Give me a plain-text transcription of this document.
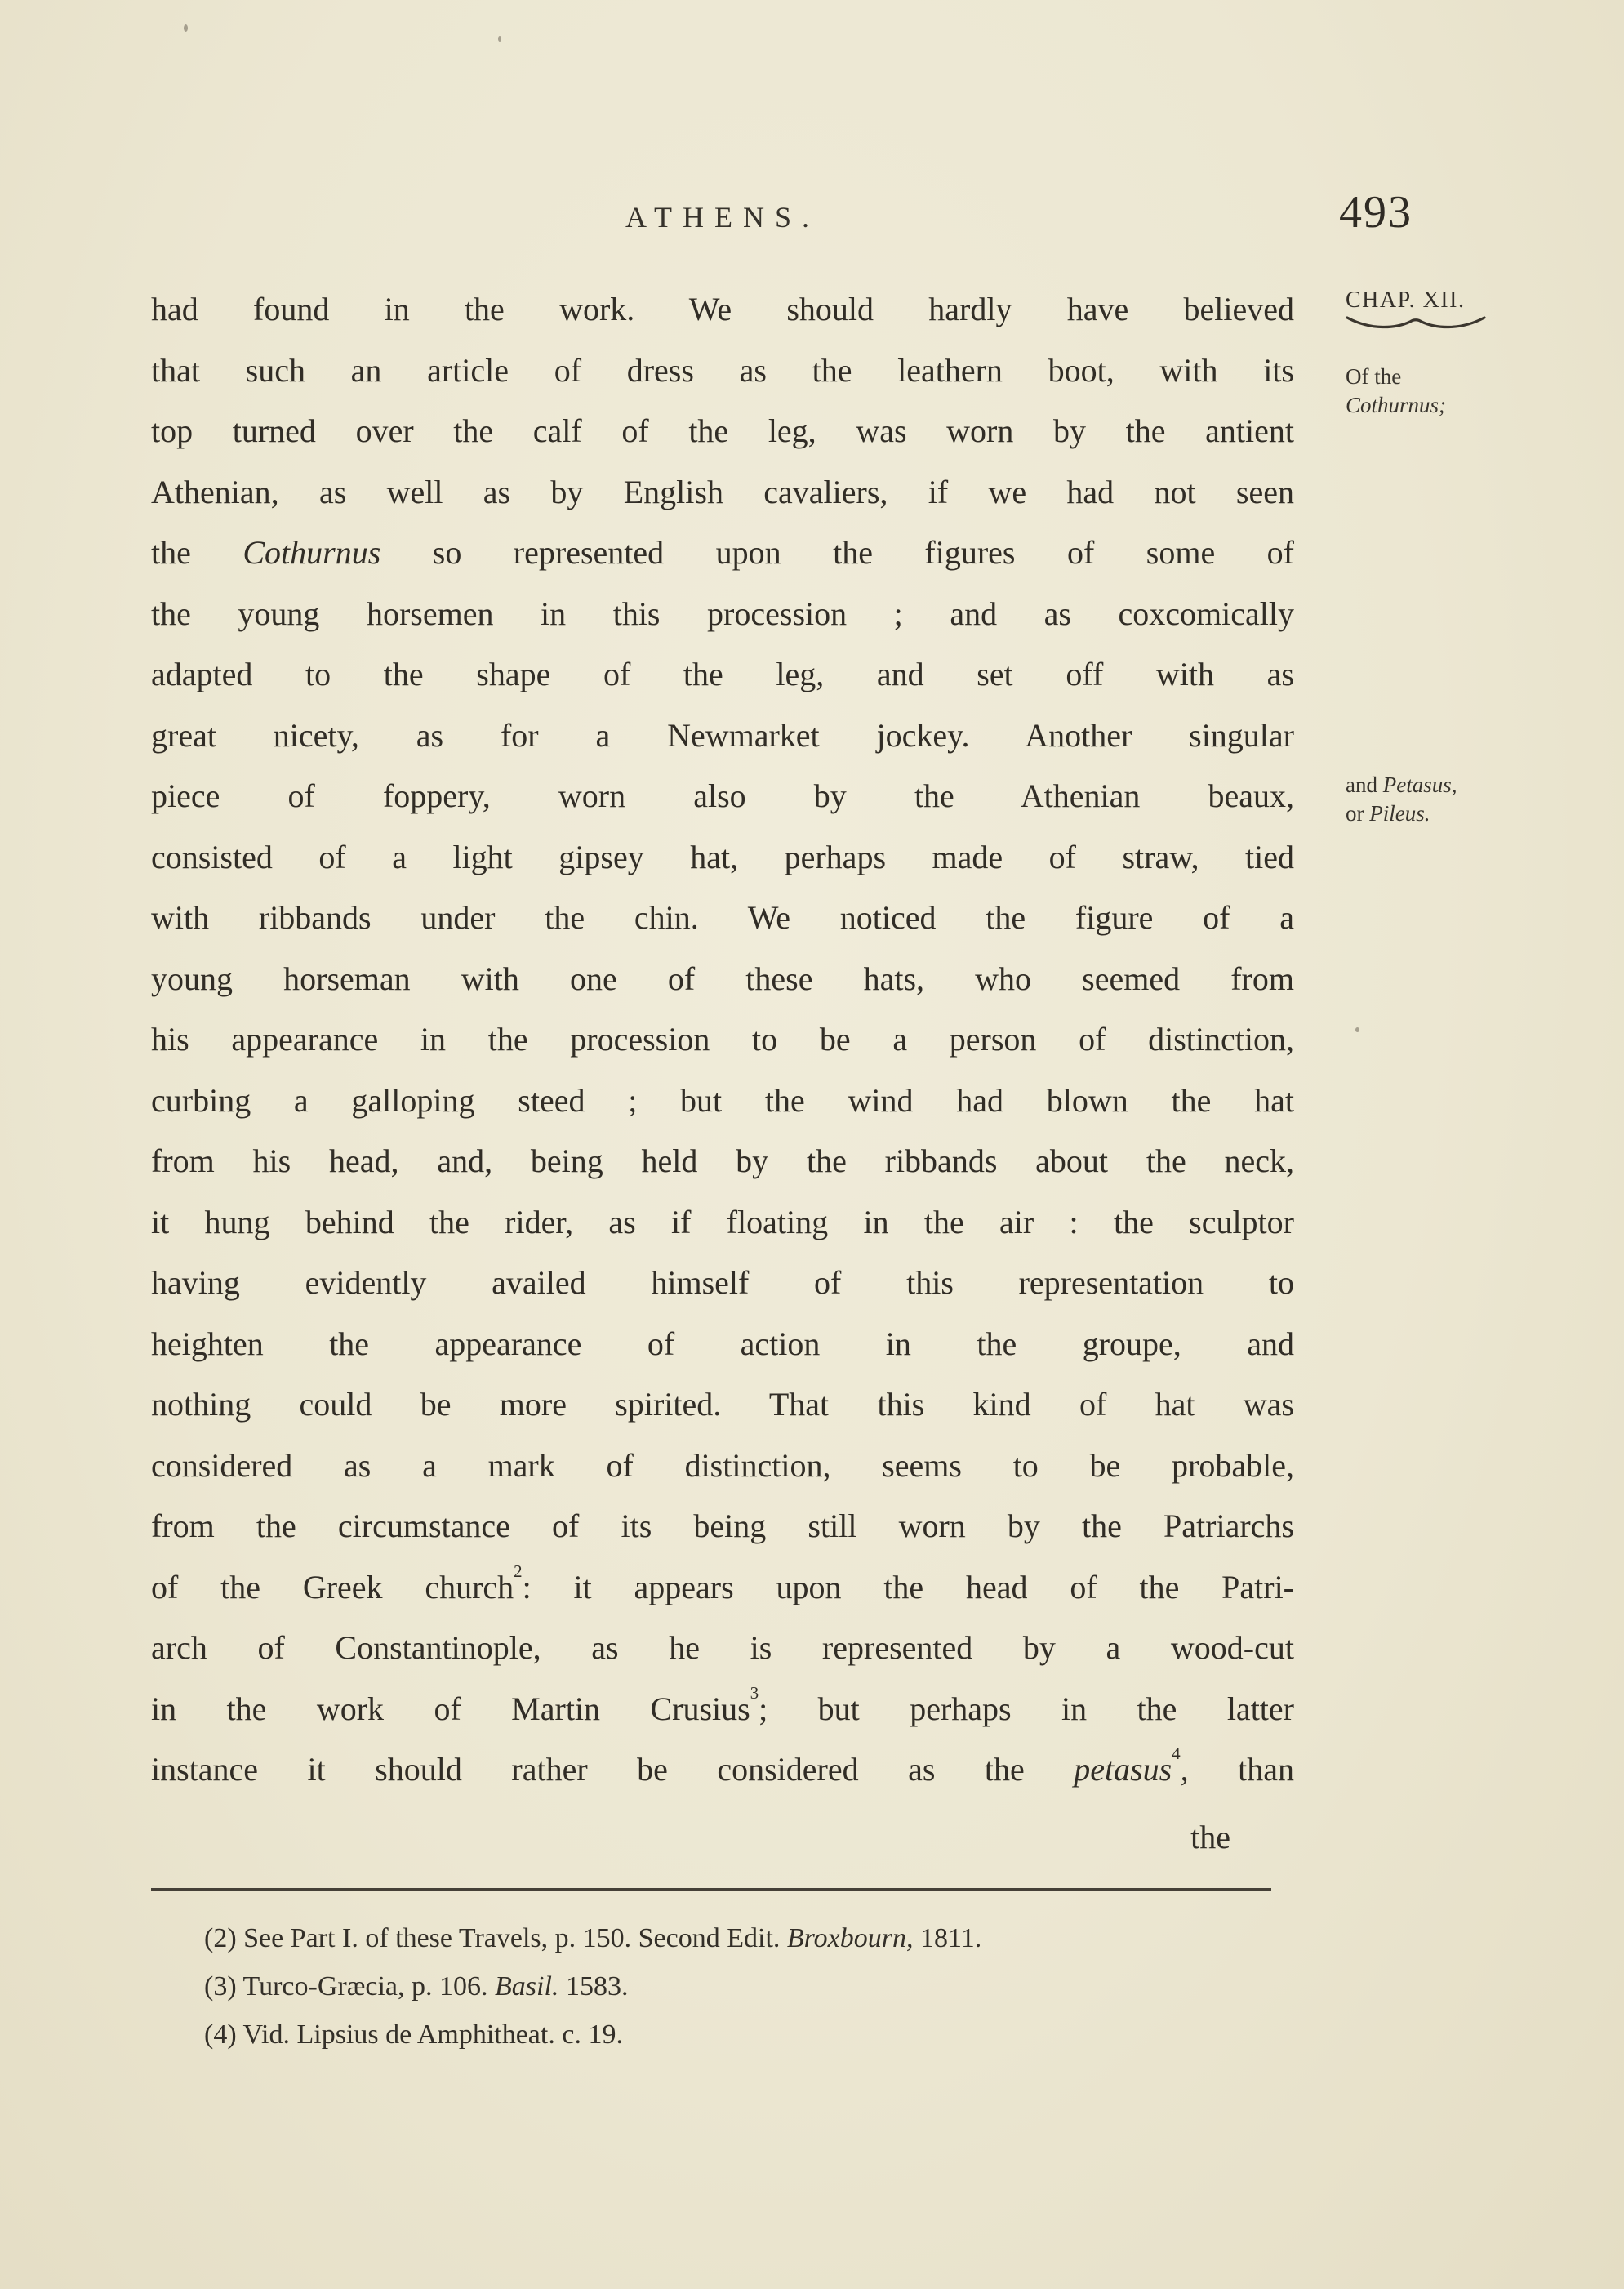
ATHENS.	493
had found in the work. We should hardly have believed
that such an article of dress as the leathern boot, with its
top turned over the calf of the leg, was worn by the antient
Athenian, as well as by English cavaliers, if we had not seen
the Cothurnus so represented upon the figures of some of
the young horsemen in this procession ; and as coxcomically
adapted to the shape of the leg, and set off with as
great nicety, as for a Newmarket jockey. Another singular
piece of foppery, worn also by the Athenian beaux,
consisted of a light gipsey hat, perhaps made of straw, tied
with ribbands under the chin. We noticed the figure of a
young horseman with one of these hats, who seemed from
his appearance in the procession to be a person of distinction,
curbing a galloping steed ; but the wind had blown the hat
from his head, and, being held by the ribbands about the neck,
it hung behind the rider, as if floating in the air : the sculptor
having evidently availed himself of this representation to
heighten the appearance of action in the groupe, and
nothing could be more spirited. That this kind of hat was
considered as a mark of distinction, seems to be probable,
from the circumstance of its being still worn by the Patriarchs
of the Greek church$^2$: it appears upon the head of the Patri-
arch of Constantinople, as he is represented by a wood-cut
in the work of Martin Crusius$^3$; but perhaps in the latter
instance it should rather be considered as the petasus$^4$, than
the
CHAP. XII.
Of the
Cothurnus;
and Petasus,
or Pileus.
(2) See Part I. of these Travels, p. 150. Second Edit. Broxbourn, 1811.
(3) Turco-Græcia, p. 106. Basil. 1583.
(4) Vid. Lipsius de Amphitheat. c. 19.
